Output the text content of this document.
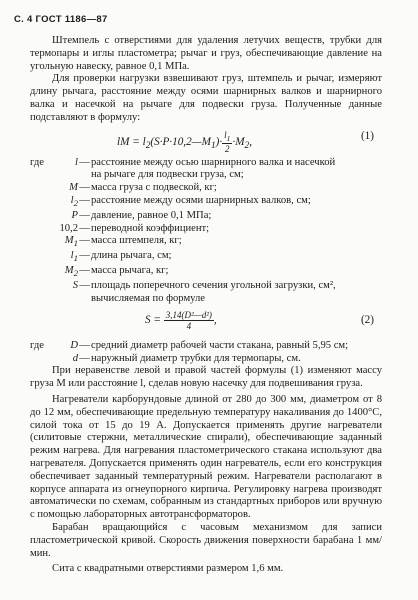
С. 4 ГОСТ 1186—87

Штемпель с отверстиями для удаления летучих веществ, трубки для термопары и иглы пластометра; рычаг и груз, обеспечивающие давление на угольную навеску, равное 0,1 МПа.

Для проверки нагрузки взвешивают груз, штемпель и рычаг, измеряют длину рычага, расстояние между осями шарнирных валков и шарнирного валка и насечкой на рычаге для подвески груза. Полученные данные подставляют в формулу:

lM = $l_2(S\cdot P\cdot 10,2—M_1)\cdot \frac{l_1}{2} \cdot M_2$,	(1)
где	l — расстояние между осью шарнирного валка и насечкой
на рычаге для подвески груза, см;
M — масса груза с подвеской, кг;
$l_2$ — расстояние между осями шарнирных валков, см;
P — давление, равное 0,1 МПа;
10,2 — переводной коэффициент;
$M_1$ — масса штемпеля, кг;
$l_1$ — длина рычага, см;
$M_2$ — масса рычага, кг;
S — площадь поперечного сечения угольной загрузки, см²,
вычисляемая по формуле
$S = \frac{\text{3,14(D²—d²)}}{4}$ ,	(2)
где	D — средний диаметр рабочей части стакана, равный 5,95 см;
d — наружный диаметр трубки для термопары, см.

При неравенстве левой и правой частей формулы (1) изменяют массу груза M или расстояние l, сделав новую насечку для подвешивания груза.

Нагреватели карборундовые длиной от 280 до 300 мм, диаметром от 8 до 12 мм, обеспечивающие предельную температуру накаливания до 1400°С, силой тока от 15 до 19 А. Допускается применять другие нагреватели (силитовые стержни, металлические спирали), обеспечивающие заданный режим нагрева. Для нагревания пластометрического стакана используют два нагревателя. Допускается применять один нагреватель, если его конструкция обеспечивает заданный температурный режим. Нагреватели располагают в корпусе аппарата из огнеупорного кирпича. Регулировку нагрева производят автоматически по схемам, собранным из стандартных приборов или вручную с помощью лабораторных автотрансформаторов.

Барабан вращающийся с часовым механизмом для записи пластометрической кривой. Скорость движения поверхности барабана 1 мм/мин.

Сита с квадратными отверстиями размером 1,6 мм.
